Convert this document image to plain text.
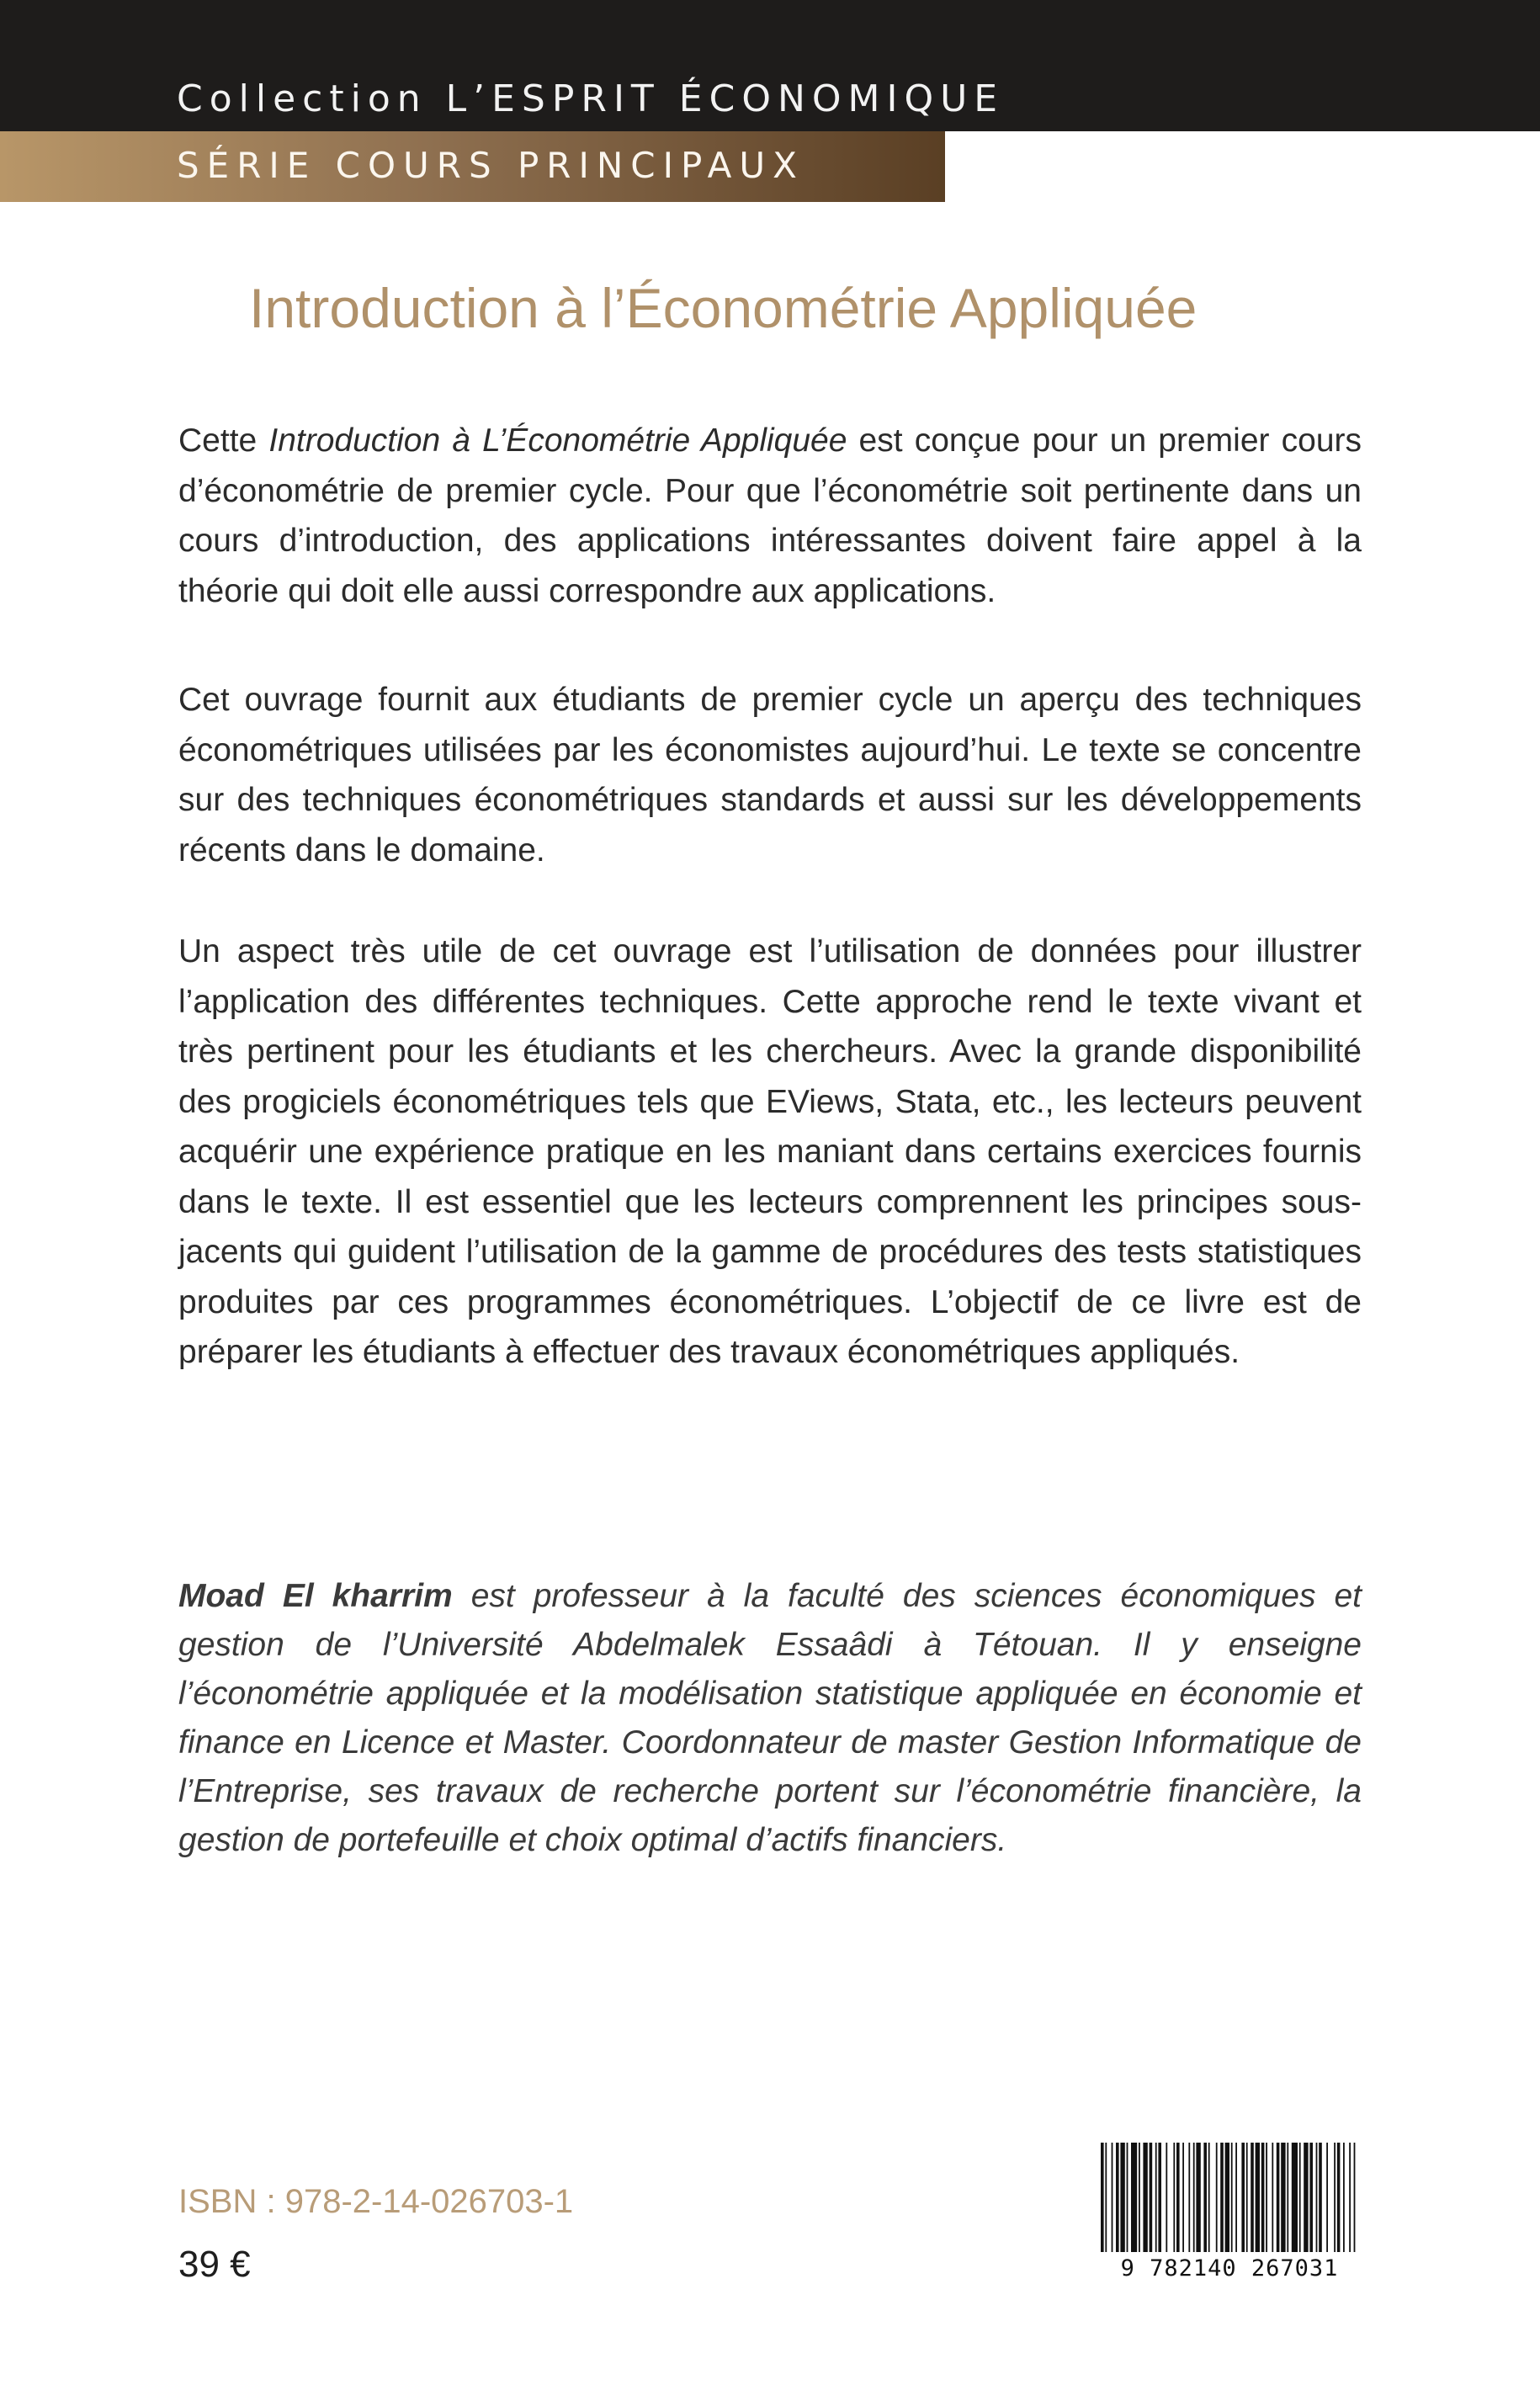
Collection L’ESPRIT ÉCONOMIQUE
SÉRIE COURS PRINCIPAUX
Introduction à l’Économétrie Appliquée

Cette Introduction à L’Économétrie Appliquée est conçue pour un premier cours d’économétrie de premier cycle. Pour que l’économétrie soit pertinente dans un cours d’introduction, des applications intéressantes doivent faire appel à la théorie qui doit elle aussi correspondre aux applications.

Cet ouvrage fournit aux étudiants de premier cycle un aperçu des techniques économétriques utilisées par les économistes aujourd’hui. Le texte se concentre sur des techniques économétriques standards et aussi sur les développements récents dans le domaine.

Un aspect très utile de cet ouvrage est l’utilisation de données pour illustrer l’application des différentes techniques. Cette approche rend le texte vivant et très pertinent pour les étudiants et les chercheurs. Avec la grande disponibilité des progiciels économétriques tels que EViews, Stata, etc., les lecteurs peuvent acquérir une expérience pratique en les maniant dans certains exercices fournis dans le texte. Il est essentiel que les lecteurs comprennent les principes sous-jacents qui guident l’utilisation de la gamme de procédures des tests statistiques produites par ces programmes économétriques. L’objectif de ce livre est de préparer les étudiants à effectuer des travaux économétriques appliqués.

Moad El kharrim est professeur à la faculté des sciences économiques et gestion de l’Université Abdelmalek Essaâdi à Tétouan. Il y enseigne l’économétrie appliquée et la modélisation statistique appliquée en économie et finance en Licence et Master. Coordonnateur de master Gestion Informatique de l’Entreprise, ses travaux de recherche portent sur l’économétrie financière, la gestion de portefeuille et choix optimal d’actifs financiers.

ISBN : 978-2-14-026703-1
39 €	9 782140 267031
